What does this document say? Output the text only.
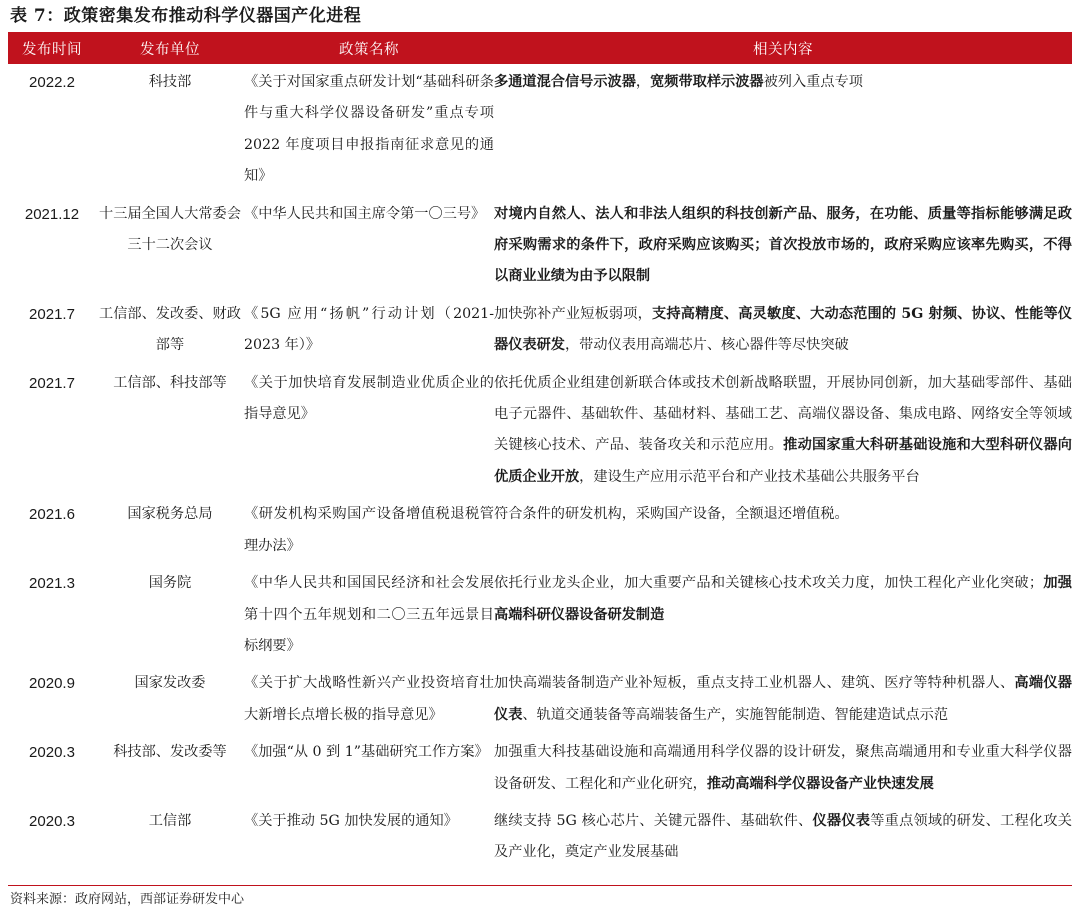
表 7：政策密集发布推动科学仪器国产化进程
发布时间	发布单位	政策名称	相关内容
2022.2	科技部	《关于对国家重点研发计划“基础科研条件与重大科学仪器设备研发”重点专项 2022 年度项目申报指南征求意见的通知》	多通道混合信号示波器，宽频带取样示波器被列入重点专项
2021.12	十三届全国人大常委会三十二次会议	《中华人民共和国主席令第一〇三号》	对境内自然人、法人和非法人组织的科技创新产品、服务，在功能、质量等指标能够满足政府采购需求的条件下，政府采购应该购买；首次投放市场的，政府采购应该率先购买，不得以商业业绩为由予以限制
2021.7	工信部、发改委、财政部等	《5G 应用“扬帆”行动计划（2021-2023 年）》	加快弥补产业短板弱项，支持高精度、高灵敏度、大动态范围的 5G 射频、协议、性能等仪器仪表研发，带动仪表用高端芯片、核心器件等尽快突破
2021.7	工信部、科技部等	《关于加快培育发展制造业优质企业的指导意见》	依托优质企业组建创新联合体或技术创新战略联盟，开展协同创新，加大基础零部件、基础电子元器件、基础软件、基础材料、基础工艺、高端仪器设备、集成电路、网络安全等领域关键核心技术、产品、装备攻关和示范应用。推动国家重大科研基础设施和大型科研仪器向优质企业开放，建设生产应用示范平台和产业技术基础公共服务平台
2021.6	国家税务总局	《研发机构采购国产设备增值税退税管理办法》	符合条件的研发机构，采购国产设备，全额退还增值税。
2021.3	国务院	《中华人民共和国国民经济和社会发展第十四个五年规划和二〇三五年远景目标纲要》	依托行业龙头企业，加大重要产品和关键核心技术攻关力度，加快工程化产业化突破；加强高端科研仪器设备研发制造
2020.9	国家发改委	《关于扩大战略性新兴产业投资培育壮大新增长点增长极的指导意见》	加快高端装备制造产业补短板，重点支持工业机器人、建筑、医疗等特种机器人、高端仪器仪表、轨道交通装备等高端装备生产，实施智能制造、智能建造试点示范
2020.3	科技部、发改委等	《加强“从 0 到 1”基础研究工作方案》	加强重大科技基础设施和高端通用科学仪器的设计研发，聚焦高端通用和专业重大科学仪器设备研发、工程化和产业化研究，推动高端科学仪器设备产业快速发展
2020.3	工信部	《关于推动 5G 加快发展的通知》	继续支持 5G 核心芯片、关键元器件、基础软件、仪器仪表等重点领域的研发、工程化攻关及产业化，奠定产业发展基础
资料来源：政府网站，西部证券研发中心
